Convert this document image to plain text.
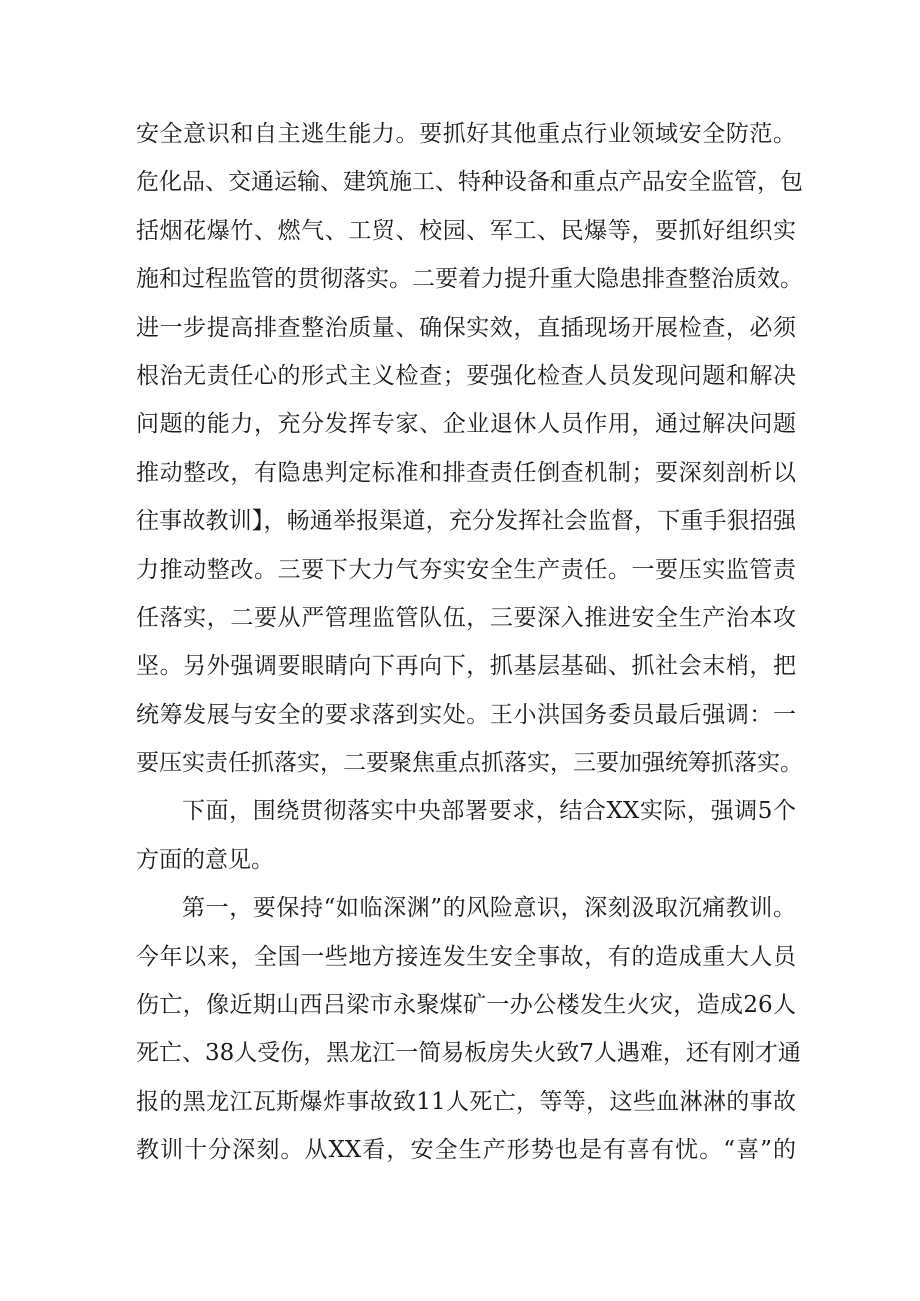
安全意识和自主逃生能力。要抓好其他重点行业领域安全防范。
危化品、交通运输、建筑施工、特种设备和重点产品安全监管，包
括烟花爆竹、燃气、工贸、校园、军工、民爆等，要抓好组织实
施和过程监管的贯彻落实。二要着力提升重大隐患排查整治质效。
进一步提高排查整治质量、确保实效，直插现场开展检查，必须
根治无责任心的形式主义检查；要强化检查人员发现问题和解决
问题的能力，充分发挥专家、企业退休人员作用，通过解决问题
推动整改，有隐患判定标准和排查责任倒查机制；要深刻剖析以
往事故教训】，畅通举报渠道，充分发挥社会监督，下重手狠招强
力推动整改。三要下大力气夯实安全生产责任。一要压实监管责
任落实，二要从严管理监管队伍，三要深入推进安全生产治本攻
坚。另外强调要眼睛向下再向下，抓基层基础、抓社会末梢，把
统筹发展与安全的要求落到实处。王小洪国务委员最后强调：一
要压实责任抓落实，二要聚焦重点抓落实，三要加强统筹抓落实。
下面，围绕贯彻落实中央部署要求，结合XX实际，强调5个
方面的意见。
第一，要保持“如临深渊”的风险意识，深刻汲取沉痛教训。
今年以来，全国一些地方接连发生安全事故，有的造成重大人员
伤亡，像近期山西吕梁市永聚煤矿一办公楼发生火灾，造成26人
死亡、38人受伤，黑龙江一简易板房失火致7人遇难，还有刚才通
报的黑龙江瓦斯爆炸事故致11人死亡，等等，这些血淋淋的事故
教训十分深刻。从XX看，安全生产形势也是有喜有忧。“喜”的
